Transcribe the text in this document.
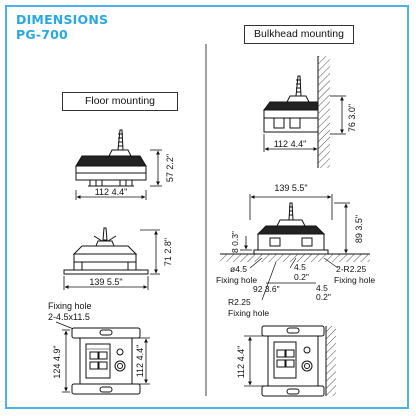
DIMENSIONS
PG-700
Floor mounting
Bulkhead mounting
57 2.2"
112 4.4"
71 2.8"
139 5.5"
Fixing hole
2-4.5x11.5
124 4.9"	112 4.4"
76 3.0"
112 4.4"
139 5.5"
89 3.5"
8 0.3"
ø4.5
Fixing hole
4.5
0.2"
2-R2.25
Fixing hole
92 3.6"	4.5
0.2"
R2.25
Fixing hole
112 4.4"
